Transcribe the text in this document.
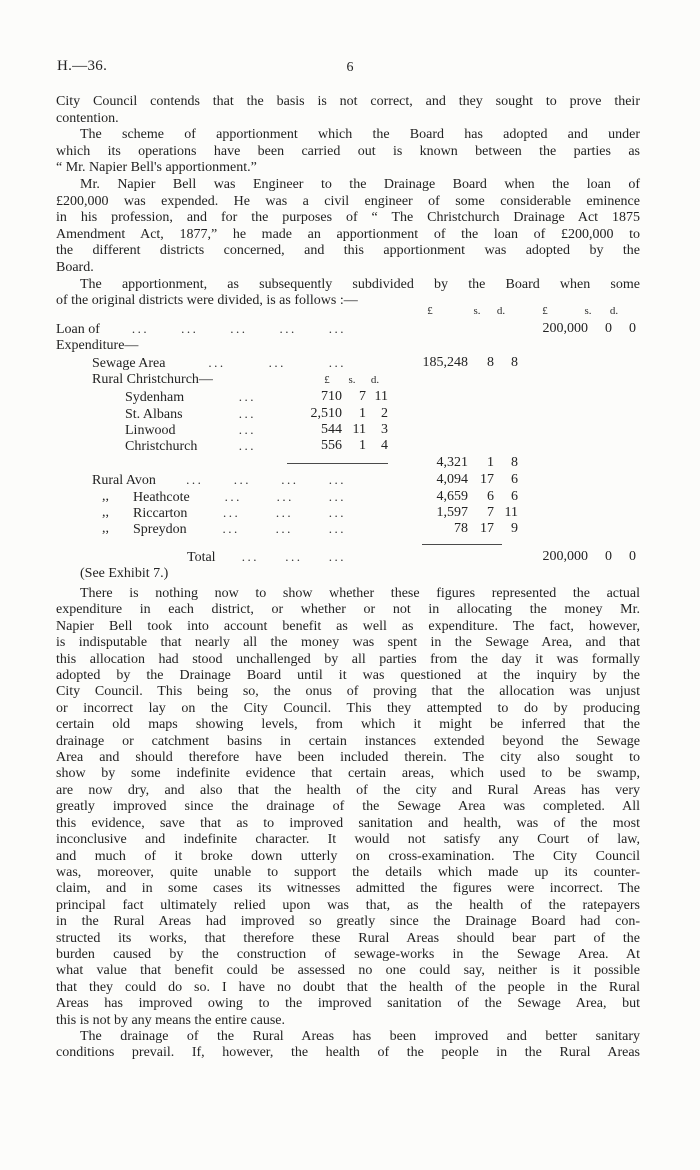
H.—36.	6
City Council contends that the basis is not correct, and they sought to prove their
contention.
The scheme of apportionment which the Board has adopted and under
which its operations have been carried out is known between the parties as
“ Mr. Napier Bell's apportionment.”
Mr. Napier Bell was Engineer to the Drainage Board when the loan of
£200,000 was expended. He was a civil engineer of some considerable eminence
in his profession, and for the purposes of “ The Christchurch Drainage Act 1875
Amendment Act, 1877,” he made an apportionment of the loan of £200,000 to
the different districts concerned, and this apportionment was adopted by the
Board.
The apportionment, as subsequently subdivided by the Board when some
of the original districts were divided, is as follows :—
£	s. d.	£	s. d.
Loan of ... ... ... ... ...	200,000	0	0
Expenditure—
Sewage Area	...	...	...	185,248	8	8
Rural Christchurch—	£ s. d.
Sydenham	...	710	7 11
St. Albans	...	2,510	1	2
Linwood	...	544 11	3
Christchurch	...	556	1	4
4,321	1	8
Rural Avon ... ... ... ...	4,094 17	6
,, Heathcote	...	...	...	4,659	6	6
,, Riccarton	...	...	...	1,597	7 11
,, Spreydon	...	...	...	78 17	9
Total ... ... ...	200,000	0	0
(See Exhibit 7.)
There is nothing now to show whether these figures represented the actual
expenditure in each district, or whether or not in allocating the money Mr.
Napier Bell took into account benefit as well as expenditure. The fact, however,
is indisputable that nearly all the money was spent in the Sewage Area, and that
this allocation had stood unchallenged by all parties from the day it was formally
adopted by the Drainage Board until it was questioned at the inquiry by the
City Council. This being so, the onus of proving that the allocation was unjust
or incorrect lay on the City Council. This they attempted to do by producing
certain old maps showing levels, from which it might be inferred that the
drainage or catchment basins in certain instances extended beyond the Sewage
Area and should therefore have been included therein. The city also sought to
show by some indefinite evidence that certain areas, which used to be swamp,
are now dry, and also that the health of the city and Rural Areas has very
greatly improved since the drainage of the Sewage Area was completed. All
this evidence, save that as to improved sanitation and health, was of the most
inconclusive and indefinite character. It would not satisfy any Court of law,
and much of it broke down utterly on cross-examination. The City Council
was, moreover, quite unable to support the details which made up its counter-
claim, and in some cases its witnesses admitted the figures were incorrect. The
principal fact ultimately relied upon was that, as the health of the ratepayers
in the Rural Areas had improved so greatly since the Drainage Board had con-
structed its works, that therefore these Rural Areas should bear part of the
burden caused by the construction of sewage-works in the Sewage Area. At
what value that benefit could be assessed no one could say, neither is it possible
that they could do so. I have no doubt that the health of the people in the Rural
Areas has improved owing to the improved sanitation of the Sewage Area, but
this is not by any means the entire cause.
The drainage of the Rural Areas has been improved and better sanitary
conditions prevail. If, however, the health of the people in the Rural Areas
